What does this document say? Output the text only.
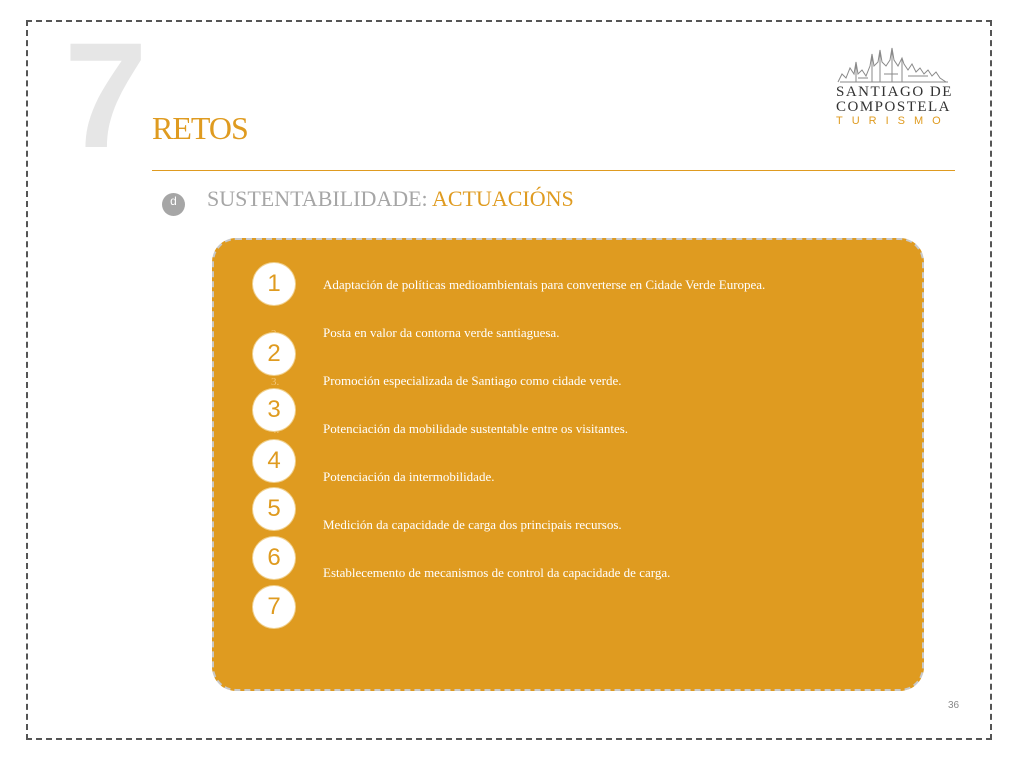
7 RETOS
SANTIAGO DE
COMPOSTELA
TURISMO
d	SUSTENTABILIDADE: ACTUACIÓNS
3.
Adaptación de políticas medioambientais para converterse en Cidade Verde Europea.
Posta en valor da contorna verde santiaguesa.
Promoción especializada de Santiago como cidade verde.
Potenciación da mobilidade sustentable entre os visitantes.
Potenciación da intermobilidade.
Medición da capacidade de carga dos principais recursos.
Establecemento de mecanismos de control da capacidade de carga.
1
2
3
4
5
6
7
36
